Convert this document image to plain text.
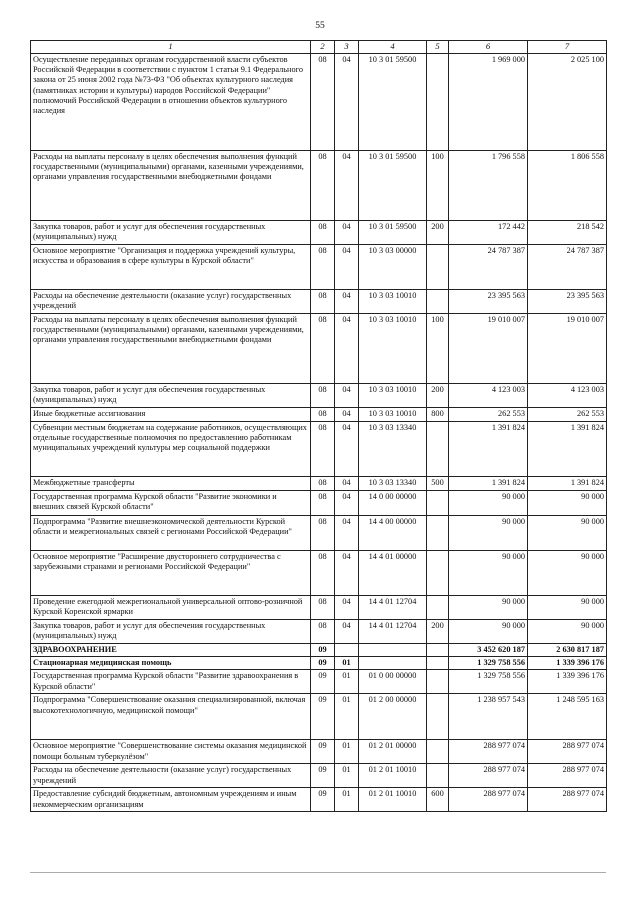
55
1	2	3	4	5	6	7
Осуществление переданных органам государственной власти субъектов Российской Федерации в соответствии с пунктом 1 статьи 9.1 Федерального закона от 25 июня 2002 года №73-ФЗ "Об объектах культурного наследия (памятниках истории и культуры) народов Российской Федерации" полномочий Российской Федерации в отношении объектов культурного наследия	08	04	10 3 01 59500		1 969 000	2 025 100
Расходы на выплаты персоналу в целях обеспечения выполнения функций государственными (муниципальными) органами, казенными учреждениями, органами управления государственными внебюджетными фондами	08	04	10 3 01 59500	100	1 796 558	1 806 558
Закупка товаров, работ и услуг для обеспечения государственных (муниципальных) нужд	08	04	10 3 01 59500	200	172 442	218 542
Основное мероприятие "Организация и поддержка учреждений культуры, искусства и образования в сфере культуры в Курской области"	08	04	10 3 03 00000		24 787 387	24 787 387
Расходы на обеспечение деятельности (оказание услуг) государственных учреждений	08	04	10 3 03 10010		23 395 563	23 395 563
Расходы на выплаты персоналу в целях обеспечения выполнения функций государственными (муниципальными) органами, казенными учреждениями, органами управления государственными внебюджетными фондами	08	04	10 3 03 10010	100	19 010 007	19 010 007
Закупка товаров, работ и услуг для обеспечения государственных (муниципальных) нужд	08	04	10 3 03 10010	200	4 123 003	4 123 003
Иные бюджетные ассигнования	08	04	10 3 03 10010	800	262 553	262 553
Субвенции местным бюджетам на содержание работников, осуществляющих отдельные государственные полномочия по предоставлению работникам муниципальных учреждений культуры мер социальной поддержки	08	04	10 3 03 13340		1 391 824	1 391 824
Межбюджетные трансферты	08	04	10 3 03 13340	500	1 391 824	1 391 824
Государственная программа Курской области "Развитие экономики и внешних связей Курской области"	08	04	14 0 00 00000		90 000	90 000
Подпрограмма "Развитие внешнеэкономической деятельности Курской области и межрегиональных связей с регионами Российской Федерации"	08	04	14 4 00 00000		90 000	90 000
Основное мероприятие "Расширение двустороннего сотрудничества с зарубежными странами и регионами Российской Федерации"	08	04	14 4 01 00000		90 000	90 000
Проведение ежегодной межрегиональной универсальной оптово-розничной Курской Коренской ярмарки	08	04	14 4 01 12704		90 000	90 000
Закупка товаров, работ и услуг для обеспечения государственных (муниципальных) нужд	08	04	14 4 01 12704	200	90 000	90 000
ЗДРАВООХРАНЕНИЕ	09				3 452 620 187	2 630 817 187
Стационарная медицинская помощь	09	01			1 329 758 556	1 339 396 176
Государственная программа Курской области "Развитие здравоохранения в Курской области"	09	01	01 0 00 00000		1 329 758 556	1 339 396 176
Подпрограмма "Совершенствование оказания специализированной, включая высокотехнологичную, медицинской помощи"	09	01	01 2 00 00000		1 238 957 543	1 248 595 163
Основное мероприятие "Совершенствование системы оказания медицинской помощи больным туберкулёзом"	09	01	01 2 01 00000		288 977 074	288 977 074
Расходы на обеспечение деятельности (оказание услуг) государственных учреждений	09	01	01 2 01 10010		288 977 074	288 977 074
Предоставление субсидий бюджетным, автономным учреждениям и иным некоммерческим организациям	09	01	01 2 01 10010	600	288 977 074	288 977 074
